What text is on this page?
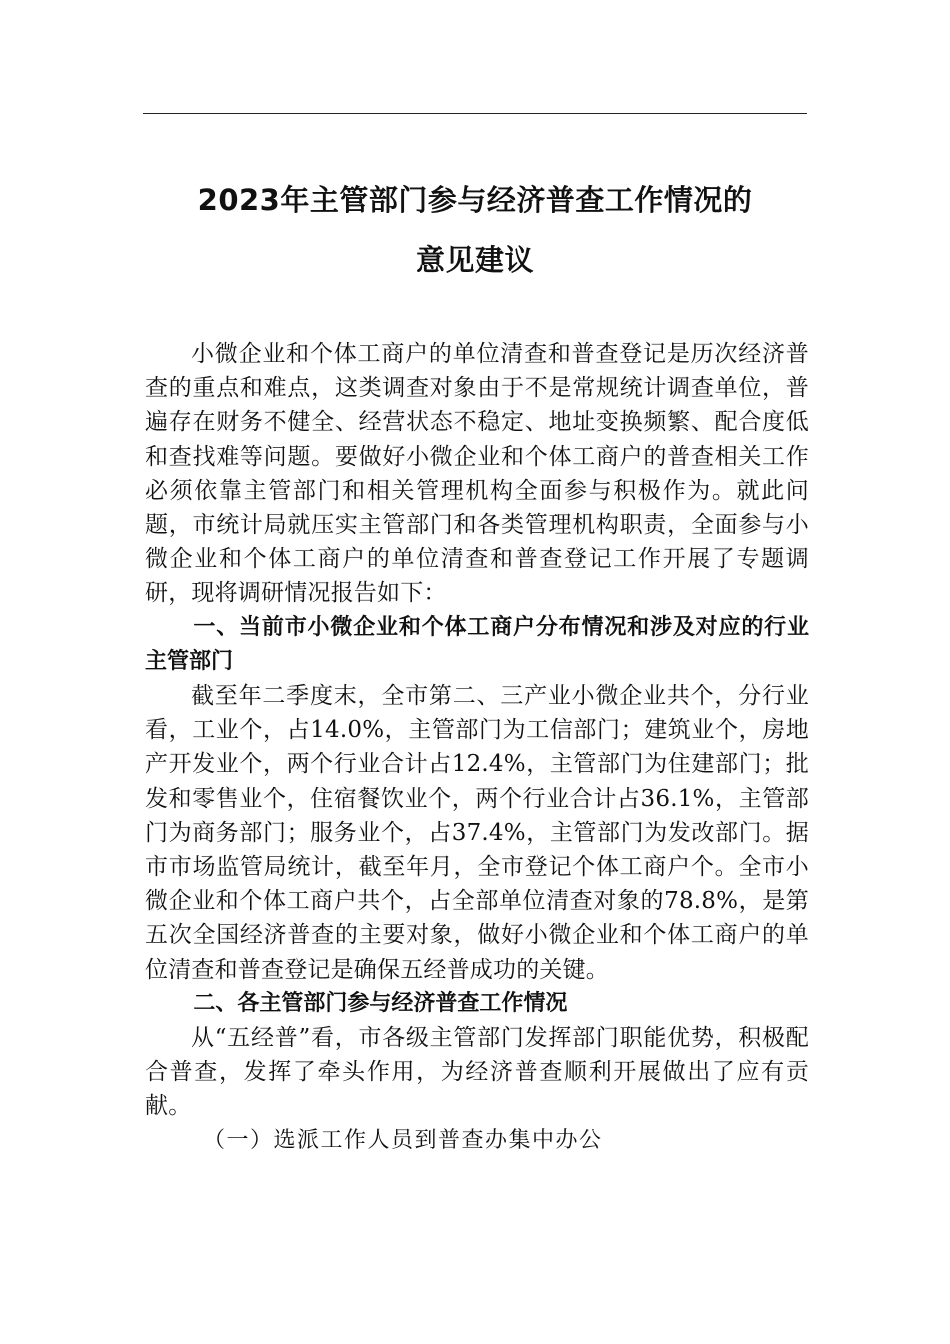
2023年主管部门参与经济普查工作情况的
意见建议

小微企业和个体工商户的单位清查和普查登记是历次经济普查的重点和难点，这类调查对象由于不是常规统计调查单位，普遍存在财务不健全、经营状态不稳定、地址变换频繁、配合度低和查找难等问题。要做好小微企业和个体工商户的普查相关工作必须依靠主管部门和相关管理机构全面参与积极作为。就此问题，市统计局就压实主管部门和各类管理机构职责，全面参与小微企业和个体工商户的单位清查和普查登记工作开展了专题调研，现将调研情况报告如下：

一、当前市小微企业和个体工商户分布情况和涉及对应的行业主管部门

截至年二季度末，全市第二、三产业小微企业共个，分行业看，工业个，占14.0%，主管部门为工信部门；建筑业个，房地产开发业个，两个行业合计占12.4%，主管部门为住建部门；批发和零售业个，住宿餐饮业个，两个行业合计占36.1%，主管部门为商务部门；服务业个，占37.4%，主管部门为发改部门。据市市场监管局统计，截至年月，全市登记个体工商户个。全市小微企业和个体工商户共个，占全部单位清查对象的78.8%，是第五次全国经济普查的主要对象，做好小微企业和个体工商户的单位清查和普查登记是确保五经普成功的关键。

二、各主管部门参与经济普查工作情况

从“五经普”看，市各级主管部门发挥部门职能优势，积极配合普查，发挥了牵头作用，为经济普查顺利开展做出了应有贡献。

（一）选派工作人员到普查办集中办公
